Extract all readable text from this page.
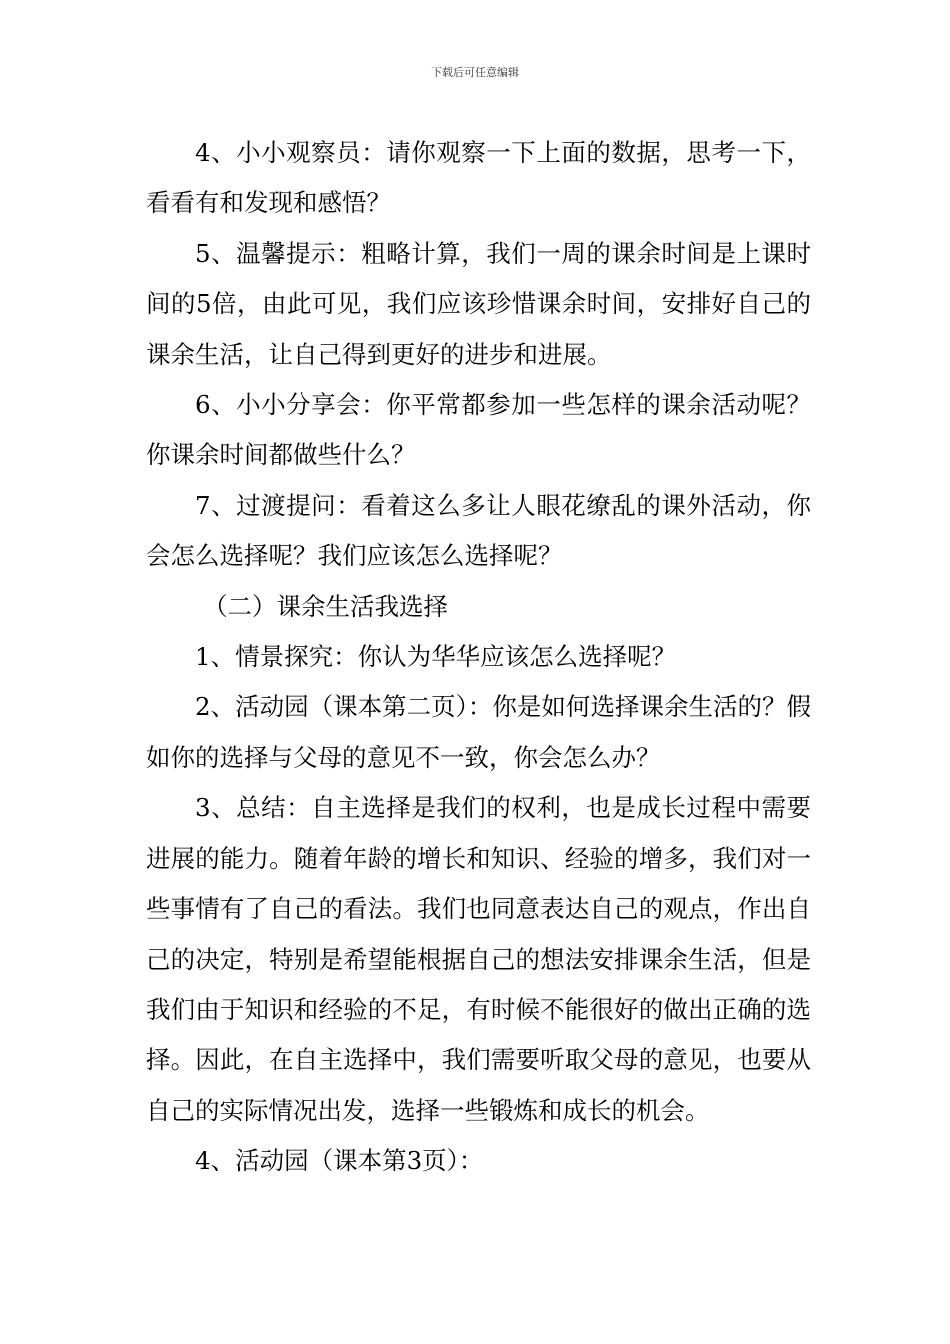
下载后可任意编辑

4、小小观察员：请你观察一下上面的数据，思考一下，看看有和发现和感悟？

5、温馨提示：粗略计算，我们一周的课余时间是上课时间的5倍，由此可见，我们应该珍惜课余时间，安排好自己的课余生活，让自己得到更好的进步和进展。

6、小小分享会：你平常都参加一些怎样的课余活动呢？你课余时间都做些什么？

7、过渡提问：看着这么多让人眼花缭乱的课外活动，你会怎么选择呢？我们应该怎么选择呢？

（二）课余生活我选择

1、情景探究：你认为华华应该怎么选择呢？

2、活动园（课本第二页）：你是如何选择课余生活的？假如你的选择与父母的意见不一致，你会怎么办？

3、总结：自主选择是我们的权利，也是成长过程中需要进展的能力。随着年龄的增长和知识、经验的增多，我们对一些事情有了自己的看法。我们也同意表达自己的观点，作出自己的决定，特别是希望能根据自己的想法安排课余生活，但是我们由于知识和经验的不足，有时候不能很好的做出正确的选择。因此，在自主选择中，我们需要听取父母的意见，也要从自己的实际情况出发，选择一些锻炼和成长的机会。

4、活动园（课本第3页）：
